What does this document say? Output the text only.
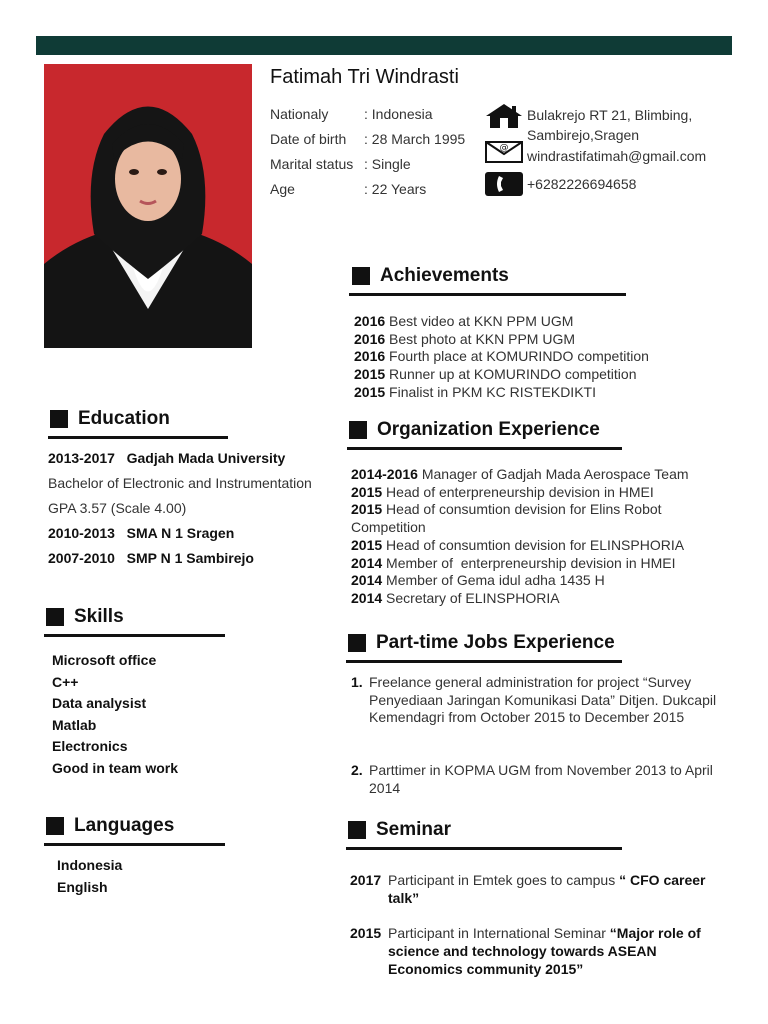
Fatimah Tri Windrasti
Nationaly	: Indonesia
Date of birth	: 28 March 1995
Marital status : Single
Age	: 22 Years
Bulakrejo RT 21, Blimbing,
Sambirejo,Sragen
@ windrastifatimah@gmail.com
+6282226694658
Education
2013-2017 Gadjah Mada University
Bachelor of Electronic and Instrumentation
GPA 3.57 (Scale 4.00)
2010-2013 SMA N 1 Sragen
2007-2010 SMP N 1 Sambirejo
Skills
Microsoft office
C++
Data analysist
Matlab
Electronics
Good in team work
Languages
Indonesia
English
Achievements
2016 Best video at KKN PPM UGM
2016 Best photo at KKN PPM UGM
2016 Fourth place at KOMURINDO competition
2015 Runner up at KOMURINDO competition
2015 Finalist in PKM KC RISTEKDIKTI
Organization Experience
2014-2016 Manager of Gadjah Mada Aerospace Team
2015 Head of enterpreneurship devision in HMEI
2015 Head of consumtion devision for Elins Robot Competition
2015 Head of consumtion devision for ELINSPHORIA
2014 Member of  enterpreneurship devision in HMEI
2014 Member of Gema idul adha 1435 H
2014 Secretary of ELINSPHORIA
Part-time Jobs Experience
1. Freelance general administration for project “Survey Penyediaan Jaringan Komunikasi Data” Ditjen. Dukcapil Kemendagri from October 2015 to December 2015
2. Parttimer in KOPMA UGM from November 2013 to April 2014
Seminar
2017 Participant in Emtek goes to campus “ CFO career talk”
2015 Participant in International Seminar “Major role of science and technology towards ASEAN Economics community 2015”
